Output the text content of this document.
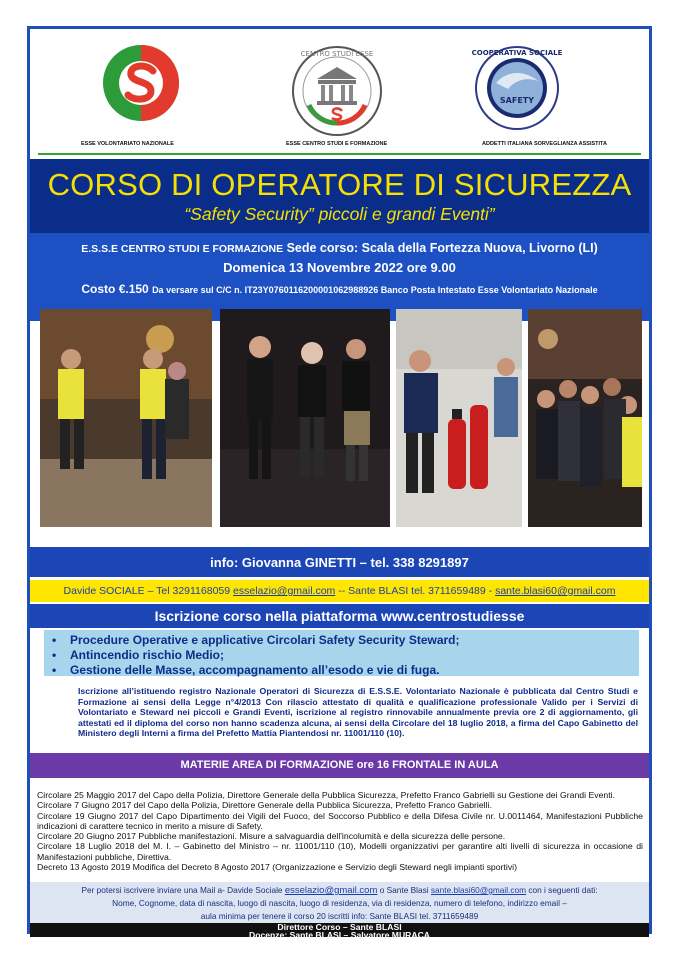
ESSE VOLONTARIATO NAZIONALE
CENTRO STUDI ESSE
ESSE CENTRO STUDI E FORMAZIONE
SAFETY
COOPERATIVA SOCIALE
ADDETTI ITALIANA SORVEGLIANZA ASSISTITA
CORSO DI OPERATORE DI SICUREZZA
“Safety Security” piccoli e grandi Eventi”
E.S.S.E CENTRO STUDI E FORMAZIONE Sede corso: Scala della Fortezza Nuova, Livorno (LI)
Domenica 13 Novembre 2022 ore 9.00
Costo €.150 Da versare sul C/C n. IT23Y0760116200001062988926 Banco Posta Intestato Esse Volontariato Nazionale
info: Giovanna GINETTI – tel. 338 8291897
Davide SOCIALE – Tel 3291168059 esselazio@gmail.com -- Sante BLASI tel. 3711659489 - sante.blasi60@gmail.com
Iscrizione corso nella piattaforma www.centrostudiesse
• Procedure Operative e applicative Circolari Safety Security Steward;
• Antincendio rischio Medio;
• Gestione delle Masse, accompagnamento all’esodo e vie di fuga.
Iscrizione all’istituendo registro Nazionale Operatori di Sicurezza di E.S.S.E. Volontariato Nazionale è pubblicata dal Centro Studi e Formazione ai sensi della Legge n°4/2013 Con rilascio attestato di qualità e qualificazione professionale Valido per i Servizi di Volontariato e Steward nei piccoli e Grandi Eventi, iscrizione al registro rinnovabile annualmente previa ore 2 di aggiornamento, gli attestati ed il diploma del corso non hanno scadenza alcuna, ai sensi della Circolare del 18 luglio 2018, a firma del Capo Gabinetto del Ministero degli Interni a firma del Prefetto Mattia Piantendosi nr. 11001/110 (10).
MATERIE AREA DI FORMAZIONE ore 16 FRONTALE IN AULA

Circolare 25 Maggio 2017 del Capo della Polizia, Direttore Generale della Pubblica Sicurezza, Prefetto Franco Gabrielli su Gestione dei Grandi Eventi.

Circolare 7 Giugno 2017 del Capo della Polizia, Direttore Generale della Pubblica Sicurezza, Prefetto Franco Gabrielli.

Circolare 19 Giugno 2017 del Capo Dipartimento dei Vigili del Fuoco, del Soccorso Pubblico e della Difesa Civile nr. U.0011464, Manifestazioni Pubbliche indicazioni di carattere tecnico in merito a misure di Safety.

Circolare 20 Giugno 2017 Pubbliche manifestazioni. Misure a salvaguardia dell'incolumità e della sicurezza delle persone.

Circolare 18 Luglio 2018 del M. I. – Gabinetto del Ministro – nr. 11001/110 (10), Modelli organizzativi per garantire alti livelli di sicurezza in occasione di Manifestazioni pubbliche, Direttiva.

Decreto 13 Agosto 2019 Modifica del Decreto 8 Agosto 2017 (Organizzazione e Servizio degli Steward negli impianti sportivi)

Per potersi iscrivere inviare una Mail a- Davide Sociale esselazio@gmail.com o Sante Blasi sante.blasi60@gmail.com con i seguenti dati:
Nome, Cognome, data di nascita, luogo di nascita, luogo di residenza, via di residenza, numero di telefono, indirizzo email –
aula minima per tenere il corso 20 iscritti info: Sante BLASI tel. 3711659489
Direttore Corso – Sante BLASI
Docenze: Sante BLASI – Salvatore MURACA
